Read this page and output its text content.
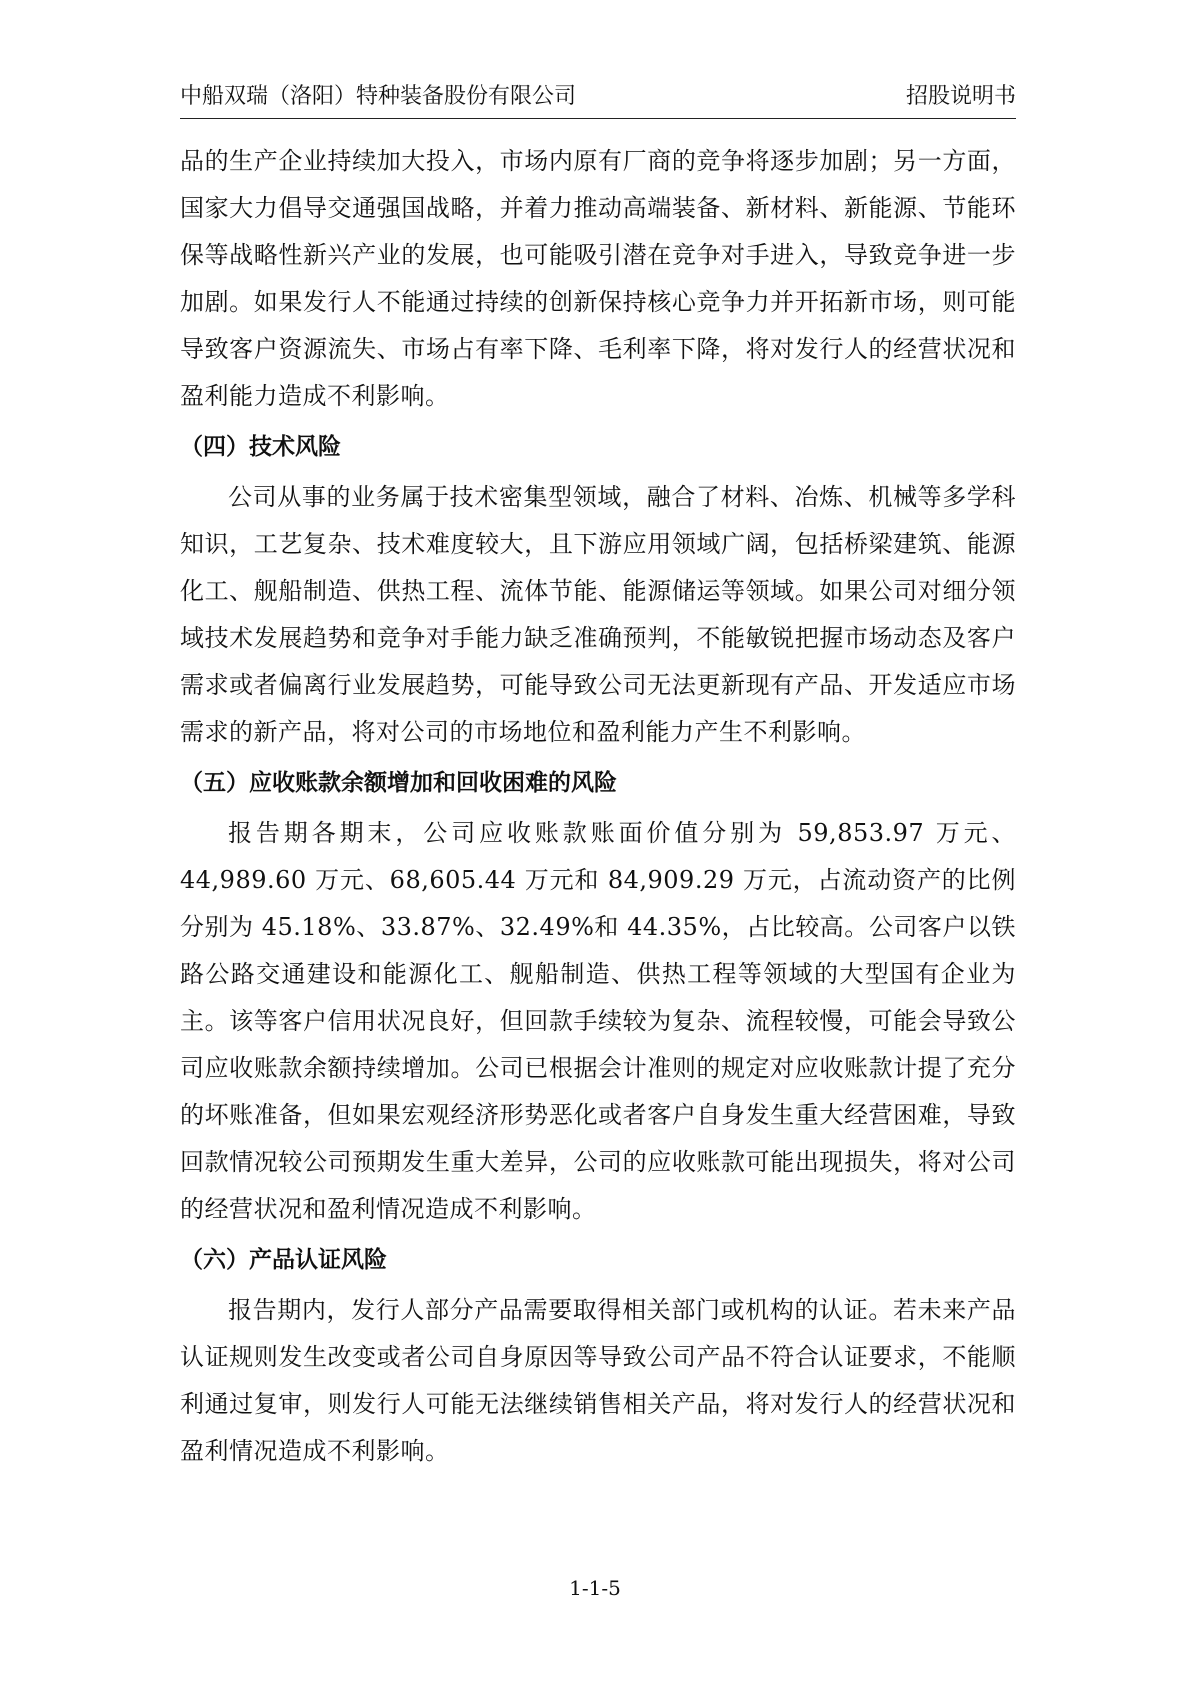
中船双瑞（洛阳）特种装备股份有限公司	招股说明书

品的生产企业持续加大投入，市场内原有厂商的竞争将逐步加剧；另一方面，国家大力倡导交通强国战略，并着力推动高端装备、新材料、新能源、节能环保等战略性新兴产业的发展，也可能吸引潜在竞争对手进入，导致竞争进一步加剧。如果发行人不能通过持续的创新保持核心竞争力并开拓新市场，则可能导致客户资源流失、市场占有率下降、毛利率下降，将对发行人的经营状况和盈利能力造成不利影响。

（四）技术风险

公司从事的业务属于技术密集型领域，融合了材料、冶炼、机械等多学科知识，工艺复杂、技术难度较大，且下游应用领域广阔，包括桥梁建筑、能源化工、舰船制造、供热工程、流体节能、能源储运等领域。如果公司对细分领域技术发展趋势和竞争对手能力缺乏准确预判，不能敏锐把握市场动态及客户需求或者偏离行业发展趋势，可能导致公司无法更新现有产品、开发适应市场需求的新产品，将对公司的市场地位和盈利能力产生不利影响。

（五）应收账款余额增加和回收困难的风险

报告期各期末，公司应收账款账面价值分别为 59,853.97 万元、44,989.60 万元、68,605.44 万元和 84,909.29 万元，占流动资产的比例分别为 45.18%、33.87%、32.49%和 44.35%，占比较高。公司客户以铁路公路交通建设和能源化工、舰船制造、供热工程等领域的大型国有企业为主。该等客户信用状况良好，但回款手续较为复杂、流程较慢，可能会导致公司应收账款余额持续增加。公司已根据会计准则的规定对应收账款计提了充分的坏账准备，但如果宏观经济形势恶化或者客户自身发生重大经营困难，导致回款情况较公司预期发生重大差异，公司的应收账款可能出现损失，将对公司的经营状况和盈利情况造成不利影响。

（六）产品认证风险

报告期内，发行人部分产品需要取得相关部门或机构的认证。若未来产品认证规则发生改变或者公司自身原因等导致公司产品不符合认证要求，不能顺利通过复审，则发行人可能无法继续销售相关产品，将对发行人的经营状况和盈利情况造成不利影响。

1-1-5
